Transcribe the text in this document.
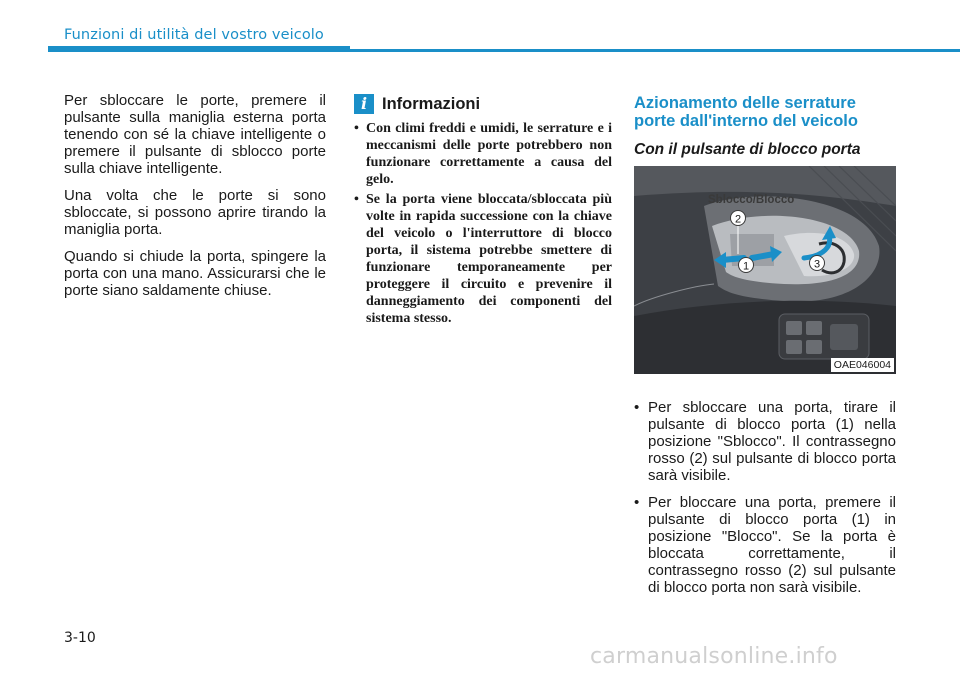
Funzioni di utilità del vostro veicolo

Per sbloccare le porte, premere il pulsante sulla maniglia esterna porta tenendo con sé la chiave intelligente o premere il pulsante di sblocco porte sulla chiave intelligente.

Una volta che le porte si sono sbloccate, si possono aprire tirando la maniglia porta.

Quando si chiude la porta, spingere la porta con una mano. Assicurarsi che le porte siano saldamente chiuse.

i Informazioni
• Con climi freddi e umidi, le serrature e i meccanismi delle porte potrebbero non funzionare correttamente a causa del gelo.
• Se la porta viene bloccata/sbloccata più volte in rapida successione con la chiave del veicolo o l'interruttore di blocco porta, il sistema potrebbe smettere di funzionare temporaneamente per proteggere il circuito e prevenire il danneggiamento dei componenti del sistema stesso.
Azionamento delle serrature porte dall'interno del veicolo
Con il pulsante di blocco porta
Sblocco/Blocco
2
1	3
OAE046004
• Per sbloccare una porta, tirare il pulsante di blocco porta (1) nella posizione "Sblocco". Il contrassegno rosso (2) sul pulsante di blocco porta sarà visibile.
• Per bloccare una porta, premere il pulsante di blocco porta (1) in posizione "Blocco". Se la porta è bloccata correttamente, il contrassegno rosso (2) sul pulsante di blocco porta non sarà visibile.
3-10
carmanualsonline.info
